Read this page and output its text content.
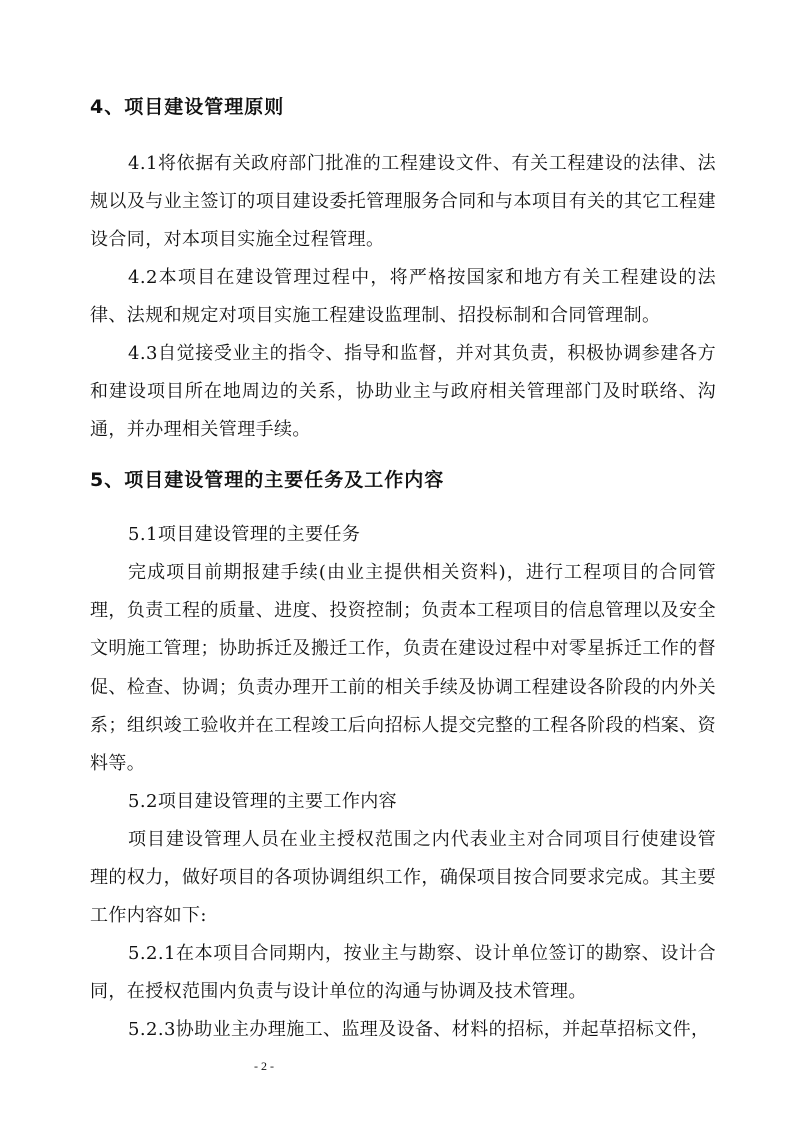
4、项目建设管理原则

4.1将依据有关政府部门批准的工程建设文件、有关工程建设的法律、法规以及与业主签订的项目建设委托管理服务合同和与本项目有关的其它工程建设合同，对本项目实施全过程管理。

4.2本项目在建设管理过程中，将严格按国家和地方有关工程建设的法律、法规和规定对项目实施工程建设监理制、招投标制和合同管理制。

4.3自觉接受业主的指令、指导和监督，并对其负责，积极协调参建各方和建设项目所在地周边的关系，协助业主与政府相关管理部门及时联络、沟通，并办理相关管理手续。

5、项目建设管理的主要任务及工作内容

5.1项目建设管理的主要任务

完成项目前期报建手续(由业主提供相关资料)，进行工程项目的合同管理，负责工程的质量、进度、投资控制；负责本工程项目的信息管理以及安全文明施工管理；协助拆迁及搬迁工作，负责在建设过程中对零星拆迁工作的督促、检查、协调；负责办理开工前的相关手续及协调工程建设各阶段的内外关系；组织竣工验收并在工程竣工后向招标人提交完整的工程各阶段的档案、资料等。

5.2项目建设管理的主要工作内容

项目建设管理人员在业主授权范围之内代表业主对合同项目行使建设管理的权力，做好项目的各项协调组织工作，确保项目按合同要求完成。其主要工作内容如下:

5.2.1在本项目合同期内，按业主与勘察、设计单位签订的勘察、设计合同，在授权范围内负责与设计单位的沟通与协调及技术管理。

5.2.3协助业主办理施工、监理及设备、材料的招标，并起草招标文件，

- 2 -
